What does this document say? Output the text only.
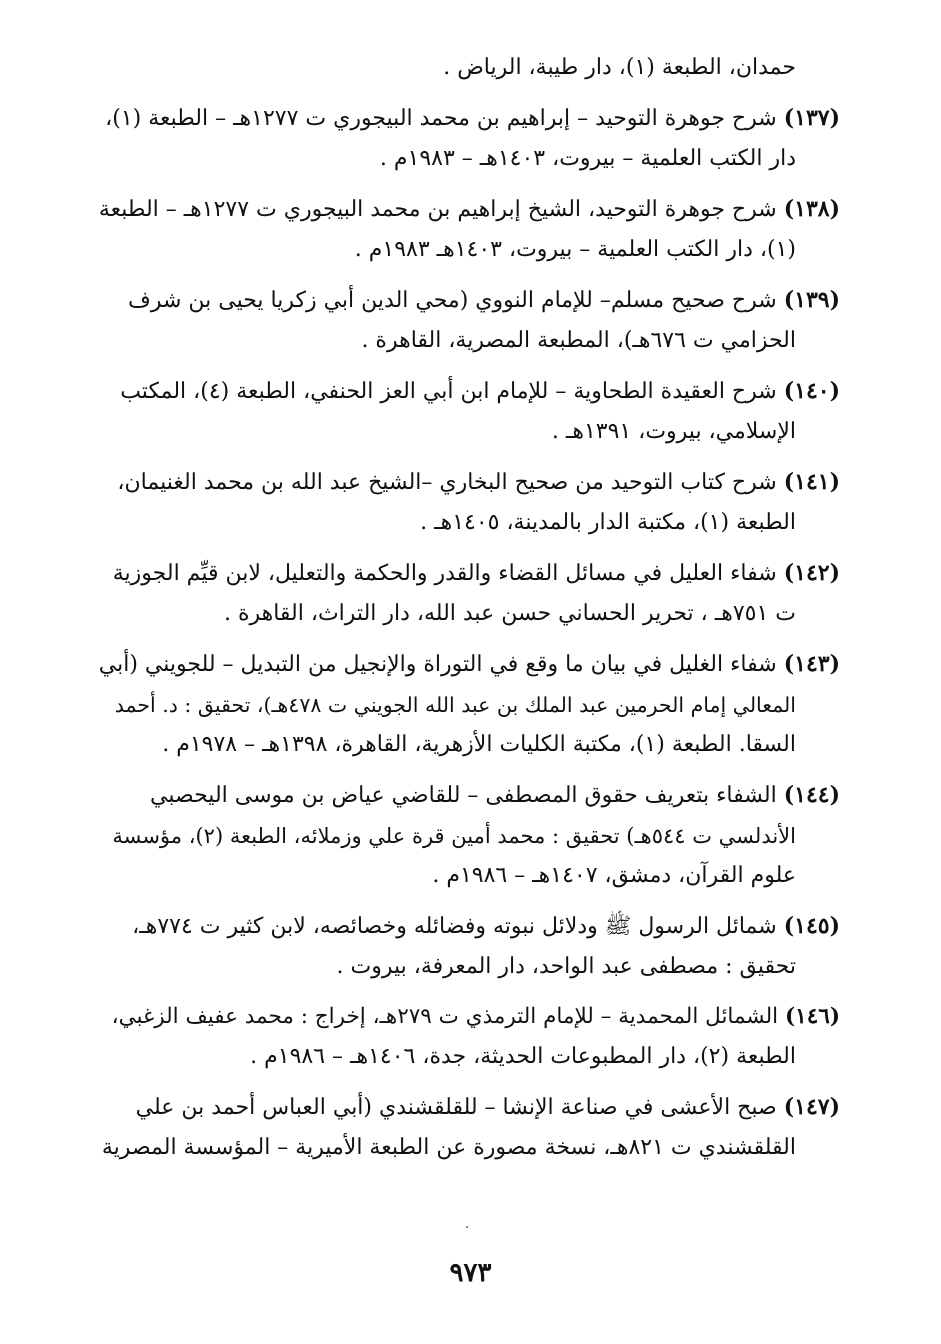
حمدان، الطبعة (١)، دار طيبة، الرياض .
(١٣٧) شرح جوهرة التوحيد – إبراهيم بن محمد البيجوري ت ١٢٧٧هـ – الطبعة (١)،
دار الكتب العلمية – بيروت، ١٤٠٣هـ – ١٩٨٣م .
(١٣٨) شرح جوهرة التوحيد، الشيخ إبراهيم بن محمد البيجوري ت ١٢٧٧هـ – الطبعة
(١)، دار الكتب العلمية – بيروت، ١٤٠٣هـ ١٩٨٣م .
(١٣٩) شرح صحيح مسلم– للإمام النووي (محي الدين أبي زكريا يحيى بن شرف
الحزامي ت ٦٧٦هـ)، المطبعة المصرية، القاهرة .
(١٤٠) شرح العقيدة الطحاوية – للإمام ابن أبي العز الحنفي، الطبعة (٤)، المكتب
الإسلامي، بيروت، ١٣٩١هـ .
(١٤١) شرح كتاب التوحيد من صحيح البخاري –الشيخ عبد الله بن محمد الغنيمان،
الطبعة (١)، مكتبة الدار بالمدينة، ١٤٠٥هـ .
(١٤٢) شفاء العليل في مسائل القضاء والقدر والحكمة والتعليل، لابن قيِّم الجوزية
ت ٧٥١هـ ، تحرير الحساني حسن عبد الله، دار التراث، القاهرة .
(١٤٣) شفاء الغليل في بيان ما وقع في التوراة والإنجيل من التبديل – للجويني (أبي
المعالي إمام الحرمين عبد الملك بن عبد الله الجويني ت ٤٧٨هـ)، تحقيق : د. أحمد
السقا. الطبعة (١)، مكتبة الكليات الأزهرية، القاهرة، ١٣٩٨هـ – ١٩٧٨م .
(١٤٤) الشفاء بتعريف حقوق المصطفى – للقاضي عياض بن موسى اليحصبي
الأندلسي ت ٥٤٤هـ) تحقيق : محمد أمين قرة علي وزملائه، الطبعة (٢)، مؤسسة
علوم القرآن، دمشق، ١٤٠٧هـ – ١٩٨٦م .
(١٤٥) شمائل الرسول ﷺ ودلائل نبوته وفضائله وخصائصه، لابن كثير ت ٧٧٤هـ،
تحقيق : مصطفى عبد الواحد، دار المعرفة، بيروت .
(١٤٦) الشمائل المحمدية – للإمام الترمذي ت ٢٧٩هـ، إخراج : محمد عفيف الزغبي،
الطبعة (٢)، دار المطبوعات الحديثة، جدة، ١٤٠٦هـ – ١٩٨٦م .
(١٤٧) صبح الأعشى في صناعة الإنشا – للقلقشندي (أبي العباس أحمد بن علي
القلقشندي ت ٨٢١هـ، نسخة مصورة عن الطبعة الأميرية – المؤسسة المصرية
٩٧٣
